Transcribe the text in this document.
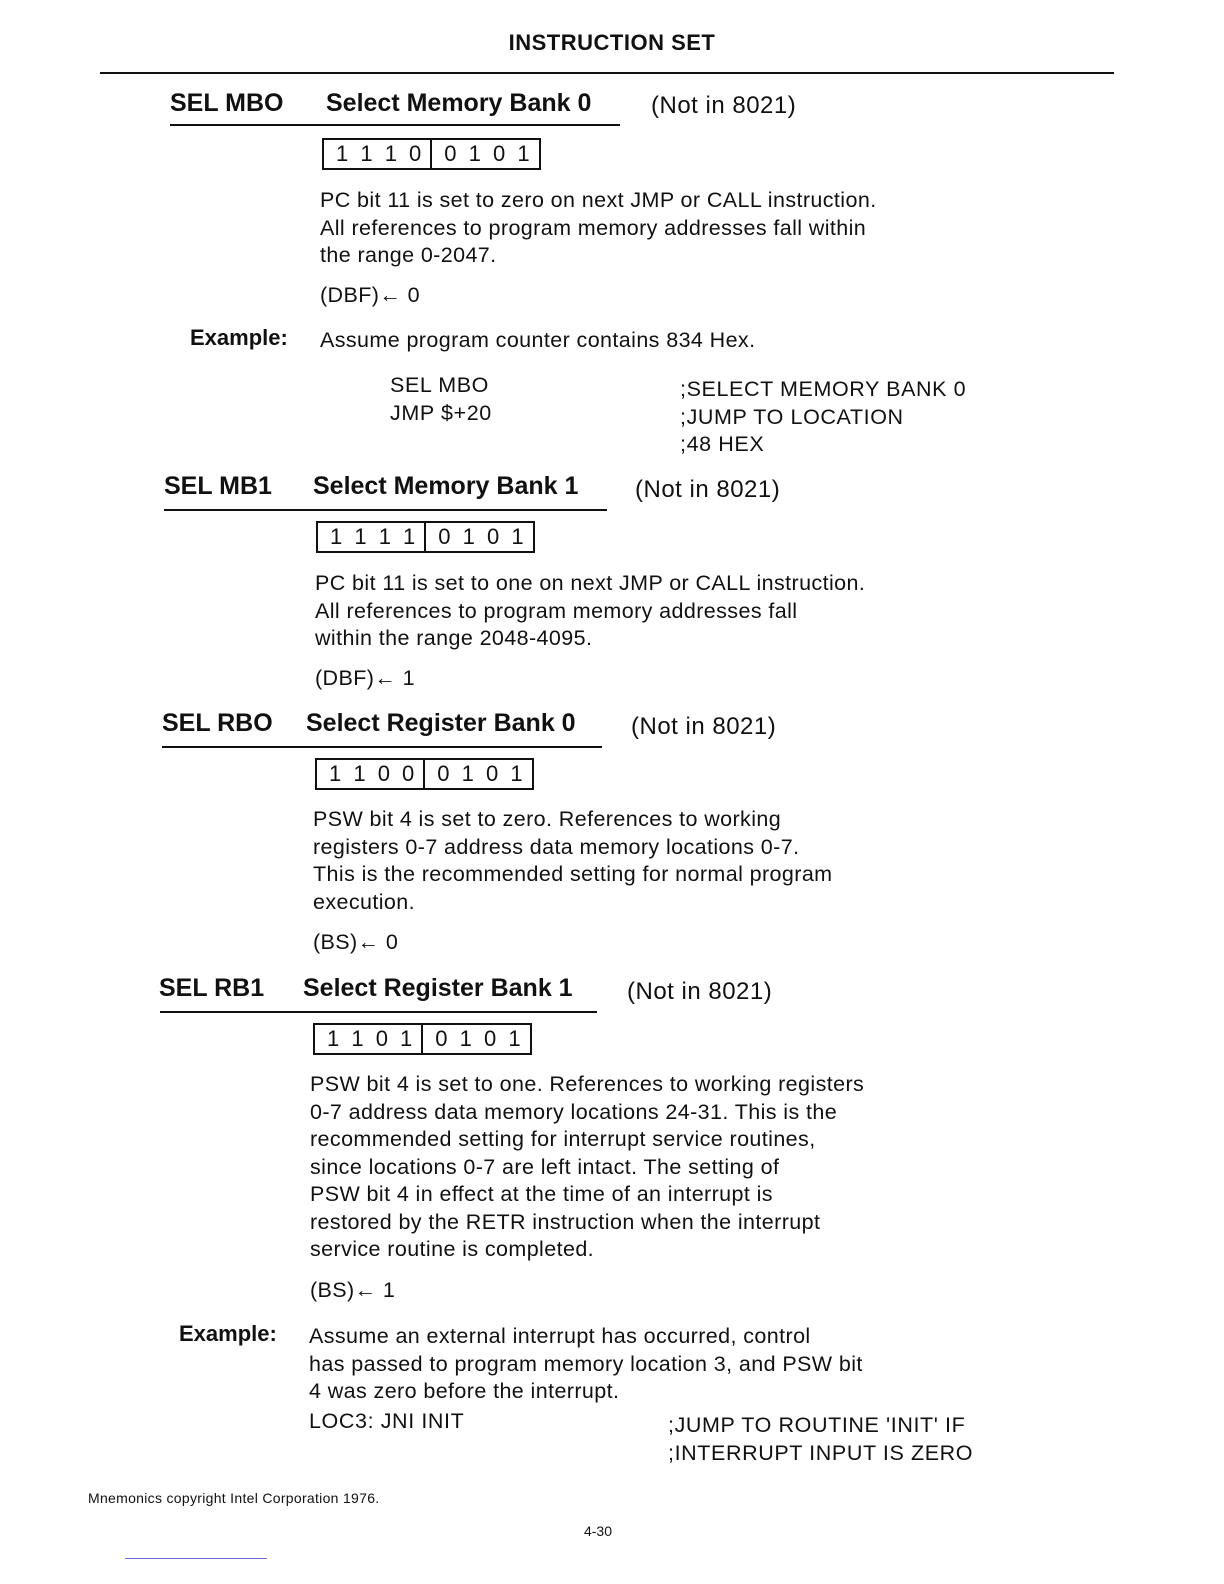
INSTRUCTION SET
SEL MBO Select Memory Bank 0 (Not in 8021)
1 1 1 0 0 1 0 1

PC bit 11 is set to zero on next JMP or CALL instruction.

All references to program memory addresses fall within

the range 0-2047.

(DBF)← 0
Example: Assume program counter contains 834 Hex.

SEL MBO

JMP $+20

;SELECT MEMORY BANK 0

;JUMP TO LOCATION

;48 HEX

SEL MB1 Select Memory Bank 1 (Not in 8021)
1 1 1 1 0 1 0 1

PC bit 11 is set to one on next JMP or CALL instruction.

All references to program memory addresses fall

within the range 2048-4095.

(DBF)← 1
SEL RBO Select Register Bank 0 (Not in 8021)
1 1 0 0 0 1 0 1

PSW bit 4 is set to zero. References to working

registers 0-7 address data memory locations 0-7.

This is the recommended setting for normal program

execution.

(BS)← 0
SEL RB1 Select Register Bank 1 (Not in 8021)
1 1 0 1 0 1 0 1

PSW bit 4 is set to one. References to working registers

0-7 address data memory locations 24-31. This is the

recommended setting for interrupt service routines,

since locations 0-7 are left intact. The setting of

PSW bit 4 in effect at the time of an interrupt is

restored by the RETR instruction when the interrupt

service routine is completed.

(BS)← 1
Example: Assume an external interrupt has occurred, control

has passed to program memory location 3, and PSW bit

4 was zero before the interrupt.

LOC3: JNI INIT	;JUMP TO ROUTINE 'INIT' IF

;INTERRUPT INPUT IS ZERO

Mnemonics copyright Intel Corporation 1976.
4-30
